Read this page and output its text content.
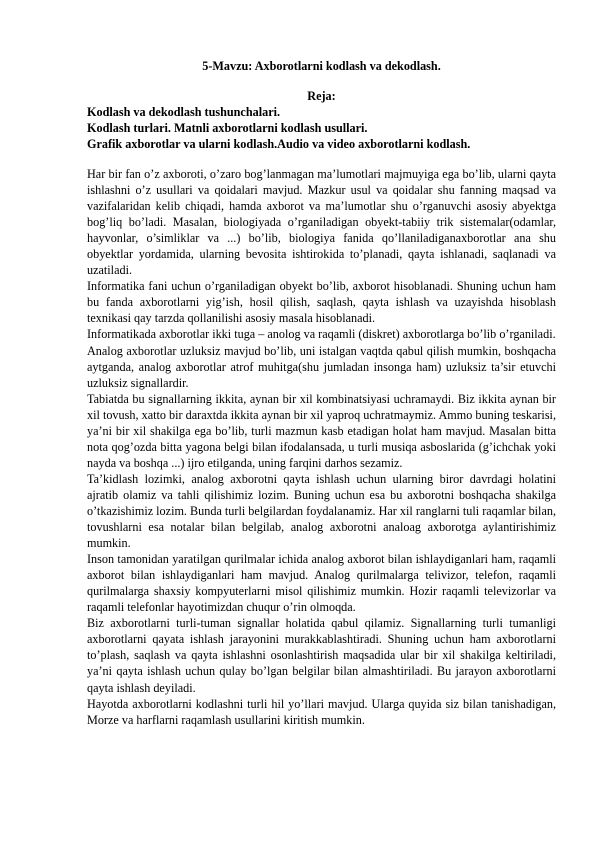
5-Mavzu: Axborotlarni kodlash va dekodlash.

Reja:

Kodlash va dekodlash tushunchalari.

Kodlash turlari. Matnli axborotlarni kodlash usullari.

Grafik axborotlar va ularni kodlash.Audio va video axborotlarni kodlash.

Har bir fan o’z axboroti, o’zaro bog’lanmagan ma’lumotlari majmuyiga ega bo’lib, ularni qayta ishlashni o’z usullari va qoidalari mavjud. Mazkur usul va qoidalar shu fanning maqsad va vazifalaridan kelib chiqadi, hamda axborot va ma’lumotlar shu o’rganuvchi asosiy abyektga bog’liq bo’ladi. Masalan, biologiyada o’rganiladigan obyekt-tabiiy trik sistemalar(odamlar, hayvonlar, o’simliklar va ...) bo’lib, biologiya fanida qo’llaniladiganaxborotlar ana shu obyektlar yordamida, ularning bevosita ishtirokida to’planadi, qayta ishlanadi, saqlanadi va uzatiladi.

Informatika fani uchun o’rganiladigan obyekt bo’lib, axborot hisoblanadi. Shuning uchun ham bu fanda axborotlarni yig’ish, hosil qilish, saqlash, qayta ishlash va uzayishda hisoblash texnikasi qay tarzda qollanilishi asosiy masala hisoblanadi.

Informatikada axborotlar ikki tuga – anolog va raqamli (diskret) axborotlarga bo’lib o’rganiladi.

Analog axborotlar uzluksiz mavjud bo’lib, uni istalgan vaqtda qabul qilish mumkin, boshqacha aytganda, analog axborotlar atrof muhitga(shu jumladan insonga ham) uzluksiz ta’sir etuvchi uzluksiz signallardir.

Tabiatda bu signallarning ikkita, aynan bir xil kombinatsiyasi uchramaydi. Biz ikkita aynan bir xil tovush, xatto bir daraxtda ikkita aynan bir xil yaproq uchratmaymiz. Ammo buning teskarisi, ya’ni bir xil shakilga ega bo’lib, turli mazmun kasb etadigan holat ham mavjud. Masalan bitta nota qog’ozda bitta yagona belgi bilan ifodalansada, u turli musiqa asboslarida (g’ichchak yoki nayda va boshqa ...) ijro etilganda, uning farqini darhos sezamiz.

Ta’kidlash lozimki, analog axborotni qayta ishlash uchun ularning biror davrdagi holatini ajratib olamiz va tahli qilishimiz lozim. Buning uchun esa bu axborotni boshqacha shakilga o’tkazishimiz lozim. Bunda turli belgilardan foydalanamiz. Har xil ranglarni tuli raqamlar bilan, tovushlarni esa notalar bilan belgilab, analog axborotni analoag axborotga aylantirishimiz mumkin.

Inson tamonidan yaratilgan qurilmalar ichida analog axborot bilan ishlaydiganlari ham, raqamli axborot bilan ishlaydiganlari ham mavjud. Analog qurilmalarga telivizor, telefon, raqamli qurilmalarga shaxsiy kompyuterlarni misol qilishimiz mumkin. Hozir raqamli televizorlar va raqamli telefonlar hayotimizdan chuqur o’rin olmoqda.

Biz axborotlarni turli-tuman signallar holatida qabul qilamiz. Signallarning turli tumanligi axborotlarni qayata ishlash jarayonini murakkablashtiradi. Shuning uchun ham axborotlarni to’plash, saqlash va qayta ishlashni osonlashtirish maqsadida ular bir xil shakilga keltiriladi, ya’ni qayta ishlash uchun qulay bo’lgan belgilar bilan almashtiriladi. Bu jarayon axborotlarni qayta ishlash deyiladi.

Hayotda axborotlarni kodlashni turli hil yo’llari mavjud. Ularga quyida siz bilan tanishadigan, Morze va harflarni raqamlash usullarini kiritish mumkin.
